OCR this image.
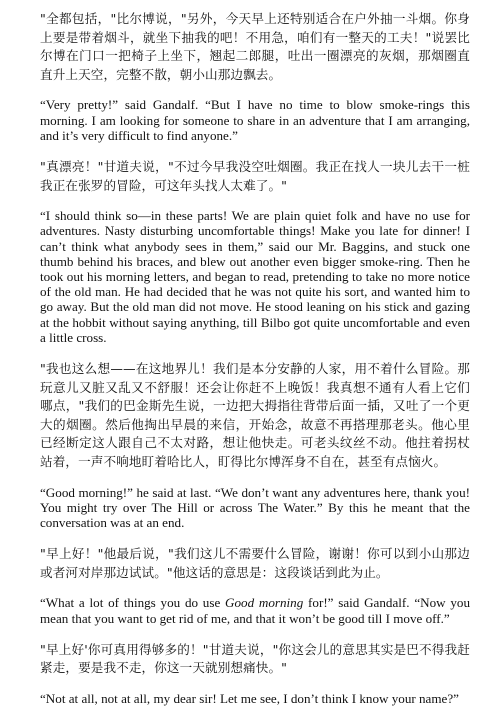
"全都包括，"比尔博说，"另外，今天早上还特别适合在户外抽一斗烟。你身上要是带着烟斗，就坐下抽我的吧！不用急，咱们有一整天的工夫！"说罢比尔博在门口一把椅子上坐下，翘起二郎腿，吐出一圈漂亮的灰烟，那烟圈直直升上天空，完整不散，朝小山那边飘去。

“Very pretty!” said Gandalf. “But I have no time to blow smoke-rings this morning. I am looking for someone to share in an adventure that I am arranging, and it’s very difficult to find anyone.”

"真漂亮！"甘道夫说，"不过今早我没空吐烟圈。我正在找人一块儿去干一桩我正在张罗的冒险，可这年头找人太难了。"

“I should think so—in these parts! We are plain quiet folk and have no use for adventures. Nasty disturbing uncomfortable things! Make you late for dinner! I can’t think what anybody sees in them,” said our Mr. Baggins, and stuck one thumb behind his braces, and blew out another even bigger smoke-ring. Then he took out his morning letters, and began to read, pretending to take no more notice of the old man. He had decided that he was not quite his sort, and wanted him to go away. But the old man did not move. He stood leaning on his stick and gazing at the hobbit without saying anything, till Bilbo got quite uncomfortable and even a little cross.

"我也这么想——在这地界儿！我们是本分安静的人家，用不着什么冒险。那玩意儿又脏又乱又不舒服！还会让你赶不上晚饭！我真想不通有人看上它们哪点，"我们的巴金斯先生说，一边把大拇指往背带后面一插，又吐了一个更大的烟圈。然后他掏出早晨的来信，开始念，故意不再搭理那老头。他心里已经断定这人跟自己不太对路，想让他快走。可老头纹丝不动。他拄着拐杖站着，一声不响地盯着哈比人，盯得比尔博浑身不自在，甚至有点恼火。

“Good morning!” he said at last. “We don’t want any adventures here, thank you! You might try over The Hill or across The Water.” By this he meant that the conversation was at an end.

"早上好！"他最后说，"我们这儿不需要什么冒险，谢谢！你可以到小山那边或者河对岸那边试试。"他这话的意思是：这段谈话到此为止。

“What a lot of things you do use Good morning for!” said Gandalf. “Now you mean that you want to get rid of me, and that it won’t be good till I move off.”

"早上好'你可真用得够多的！"甘道夫说，"你这会儿的意思其实是巴不得我赶紧走，要是我不走，你这一天就别想痛快。"

“Not at all, not at all, my dear sir! Let me see, I don’t think I know your name?”
